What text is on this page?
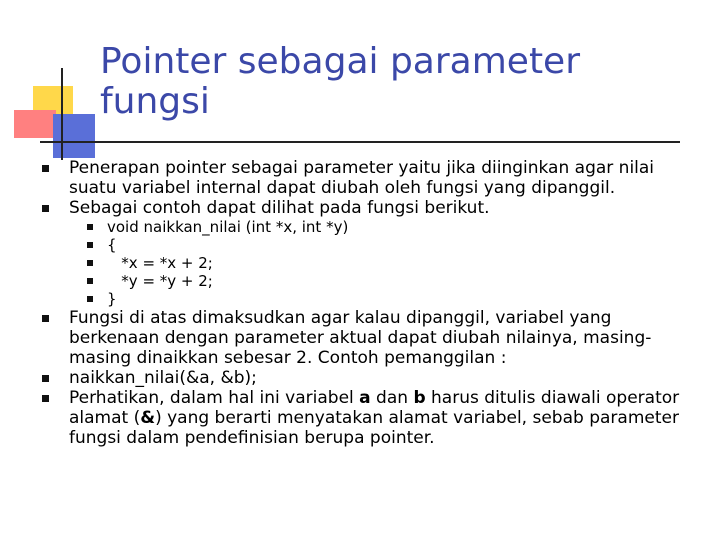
Pointer sebagai parameter fungsi
Penerapan pointer sebagai parameter yaitu jika diinginkan agar nilai suatu variabel internal dapat diubah oleh fungsi yang dipanggil.
Sebagai contoh dapat dilihat pada fungsi berikut.
void naikkan_nilai (int *x, int *y)
{
*x = *x + 2;
*y = *y + 2;
}
Fungsi di atas dimaksudkan agar kalau dipanggil, variabel yang berkenaan dengan parameter aktual dapat diubah nilainya, masing-masing dinaikkan sebesar 2. Contoh pemanggilan :
naikkan_nilai(&a, &b);
Perhatikan, dalam hal ini variabel a dan b harus ditulis diawali operator alamat (&) yang berarti menyatakan alamat variabel, sebab parameter fungsi dalam pendefinisian berupa pointer.
